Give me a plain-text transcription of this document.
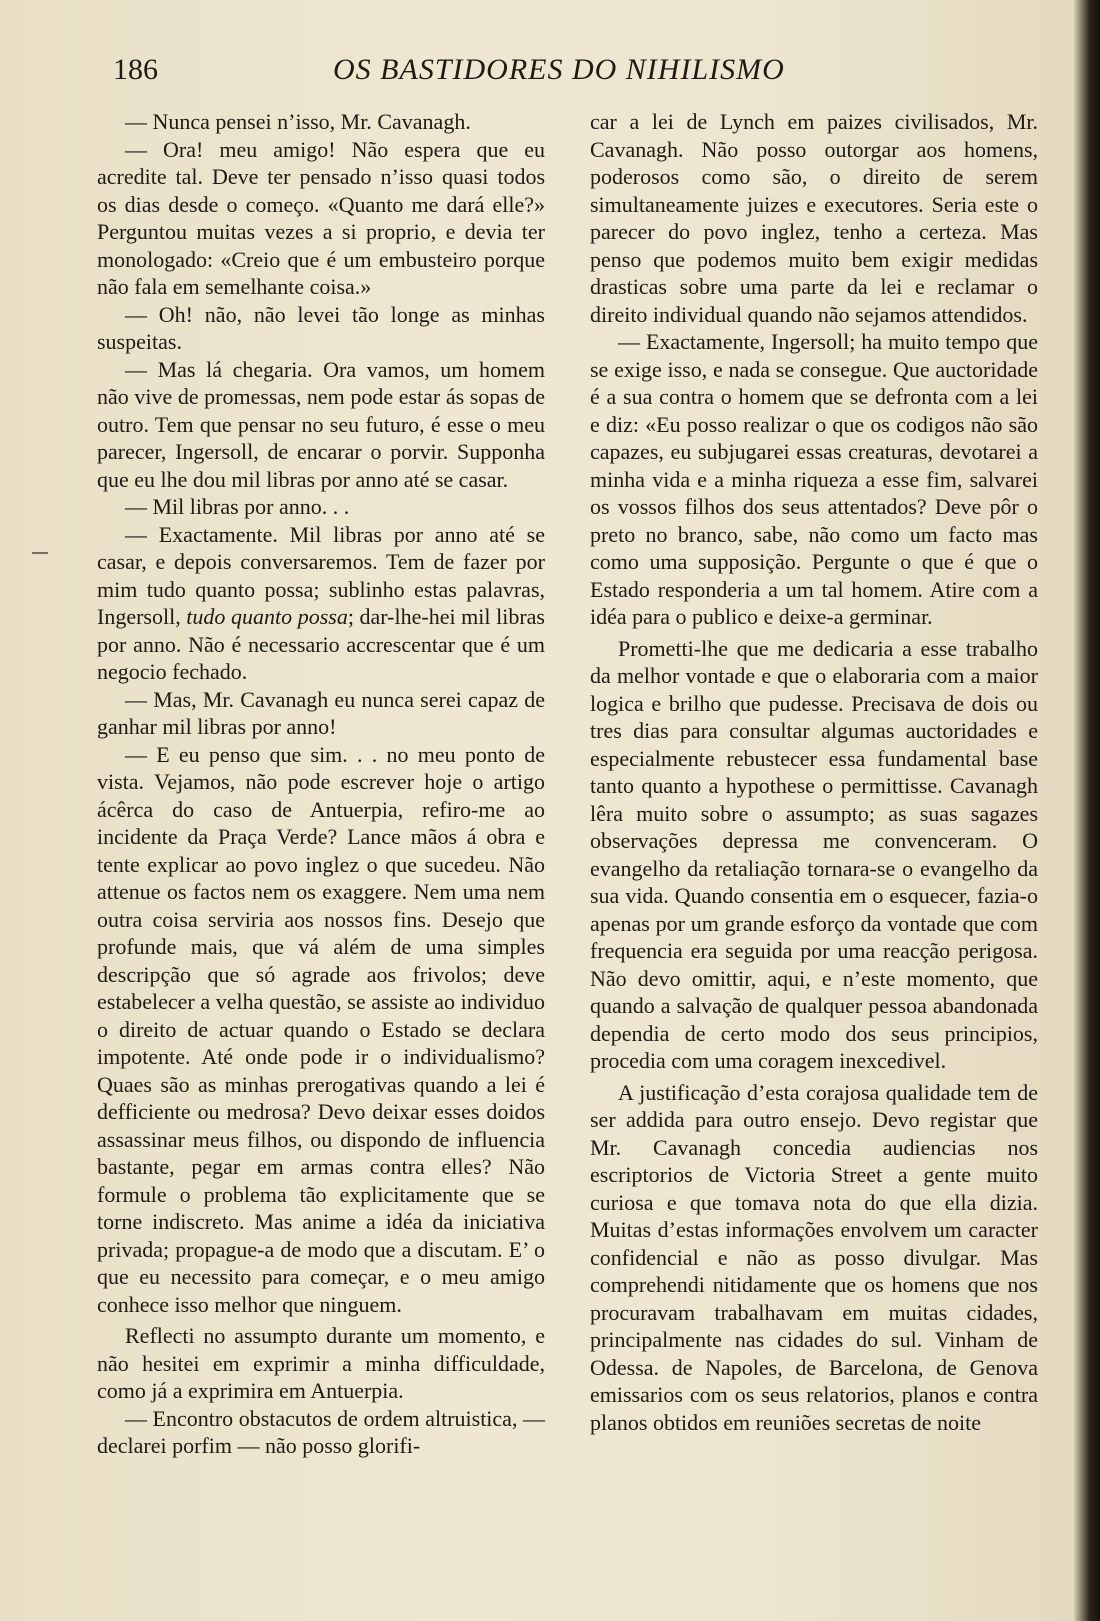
186	OS BASTIDORES DO NIHILISMO

— Nunca pensei n’isso, Mr. Cavanagh.

— Ora! meu amigo! Não espera que eu acredite tal. Deve ter pensado n’isso quasi todos os dias desde o começo. «Quanto me dará elle?» Perguntou muitas vezes a si proprio, e devia ter monologado: «Creio que é um embusteiro porque não fala em semelhante coisa.»

— Oh! não, não levei tão longe as minhas suspeitas.

— Mas lá chegaria. Ora vamos, um homem não vive de promessas, nem pode estar ás sopas de outro. Tem que pensar no seu futuro, é esse o meu parecer, Ingersoll, de encarar o porvir. Supponha que eu lhe dou mil libras por anno até se casar.

— Mil libras por anno. . .

— Exactamente. Mil libras por anno até se casar, e depois conversaremos. Tem de fazer por mim tudo quanto possa; sublinho estas palavras, Ingersoll, tudo quanto possa; dar-lhe-hei mil libras por anno. Não é necessario accrescentar que é um negocio fechado.

— Mas, Mr. Cavanagh eu nunca serei capaz de ganhar mil libras por anno!

— E eu penso que sim. . . no meu ponto de vista. Vejamos, não pode escrever hoje o artigo ácêrca do caso de Antuerpia, refiro-me ao incidente da Praça Verde? Lance mãos á obra e tente explicar ao povo inglez o que sucedeu. Não attenue os factos nem os exaggere. Nem uma nem outra coisa serviria aos nossos fins. Desejo que profunde mais, que vá além de uma simples descripção que só agrade aos frivolos; deve estabelecer a velha questão, se assiste ao individuo o direito de actuar quando o Estado se declara impotente. Até onde pode ir o individualismo? Quaes são as minhas prerogativas quando a lei é defficiente ou medrosa? Devo deixar esses doidos assassinar meus filhos, ou dispondo de influencia bastante, pegar em armas contra elles? Não formule o problema tão explicitamente que se torne indiscreto. Mas anime a idéa da iniciativa privada; propague-a de modo que a discutam. E’ o que eu necessito para começar, e o meu amigo conhece isso melhor que ninguem.

Reflecti no assumpto durante um momento, e não hesitei em exprimir a minha difficuldade, como já a exprimira em Antuerpia.

— Encontro obstacutos de ordem altruistica, — declarei porfim — não posso glorifi-

car a lei de Lynch em paizes civilisados, Mr. Cavanagh. Não posso outorgar aos homens, poderosos como são, o direito de serem simultaneamente juizes e executores. Seria este o parecer do povo inglez, tenho a certeza. Mas penso que podemos muito bem exigir medidas drasticas sobre uma parte da lei e reclamar o direito individual quando não sejamos attendidos.

— Exactamente, Ingersoll; ha muito tempo que se exige isso, e nada se consegue. Que auctoridade é a sua contra o homem que se defronta com a lei e diz: «Eu posso realizar o que os codigos não são capazes, eu subjugarei essas creaturas, devotarei a minha vida e a minha riqueza a esse fim, salvarei os vossos filhos dos seus attentados? Deve pôr o preto no branco, sabe, não como um facto mas como uma supposição. Pergunte o que é que o Estado responderia a um tal homem. Atire com a idéa para o publico e deixe-a germinar.

Prometti-lhe que me dedicaria a esse trabalho da melhor vontade e que o elaboraria com a maior logica e brilho que pudesse. Precisava de dois ou tres dias para consultar algumas auctoridades e especialmente rebustecer essa fundamental base tanto quanto a hypothese o permittisse. Cavanagh lêra muito sobre o assumpto; as suas sagazes observações depressa me convenceram. O evangelho da retaliação tornara-se o evangelho da sua vida. Quando consentia em o esquecer, fazia-o apenas por um grande esforço da vontade que com frequencia era seguida por uma reacção perigosa. Não devo omittir, aqui, e n’este momento, que quando a salvação de qualquer pessoa abandonada dependia de certo modo dos seus principios, procedia com uma coragem inexcedivel.

A justificação d’esta corajosa qualidade tem de ser addida para outro ensejo. Devo registar que Mr. Cavanagh concedia audiencias nos escriptorios de Victoria Street a gente muito curiosa e que tomava nota do que ella dizia. Muitas d’estas informações envolvem um caracter confidencial e não as posso divulgar. Mas comprehendi nitidamente que os homens que nos procuravam trabalhavam em muitas cidades, principalmente nas cidades do sul. Vinham de Odessa. de Napoles, de Barcelona, de Genova emissarios com os seus relatorios, planos e contra planos obtidos em reuniões secretas de noite
